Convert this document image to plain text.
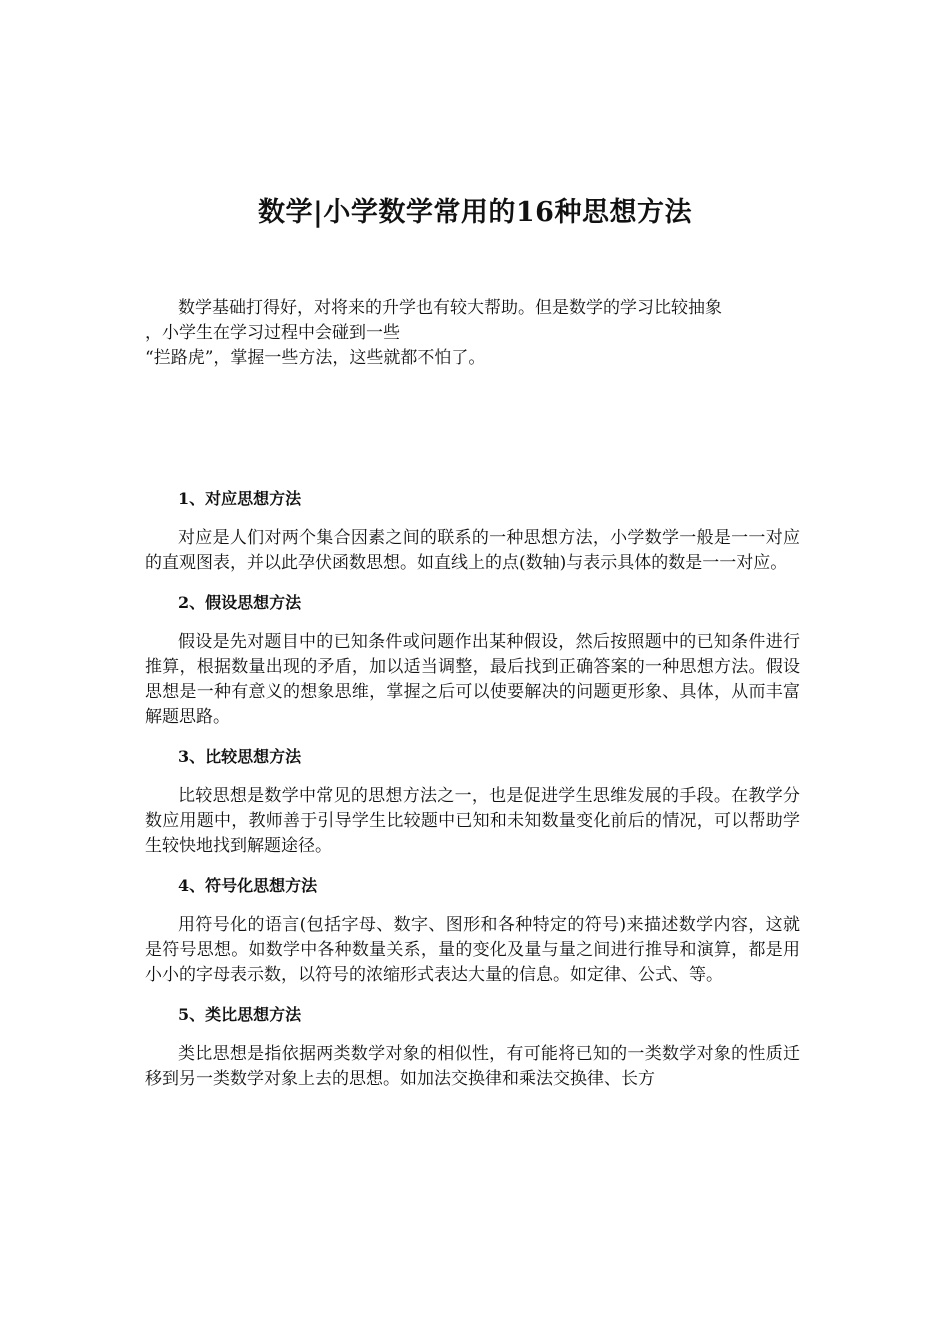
数学|小学数学常用的16种思想方法
数学基础打得好，对将来的升学也有较大帮助。但是数学的学习比较抽象
，小学生在学习过程中会碰到一些
“拦路虎”，掌握一些方法，这些就都不怕了。
1、对应思想方法

对应是人们对两个集合因素之间的联系的一种思想方法，小学数学一般是一一对应的直观图表，并以此孕伏函数思想。如直线上的点(数轴)与表示具体的数是一一对应。

2、假设思想方法

假设是先对题目中的已知条件或问题作出某种假设，然后按照题中的已知条件进行推算，根据数量出现的矛盾，加以适当调整，最后找到正确答案的一种思想方法。假设思想是一种有意义的想象思维，掌握之后可以使要解决的问题更形象、具体，从而丰富解题思路。

3、比较思想方法

比较思想是数学中常见的思想方法之一，也是促进学生思维发展的手段。在教学分数应用题中，教师善于引导学生比较题中已知和未知数量变化前后的情况，可以帮助学生较快地找到解题途径。

4、符号化思想方法

用符号化的语言(包括字母、数字、图形和各种特定的符号)来描述数学内容，这就是符号思想。如数学中各种数量关系，量的变化及量与量之间进行推导和演算，都是用小小的字母表示数，以符号的浓缩形式表达大量的信息。如定律、公式、等。

5、类比思想方法

类比思想是指依据两类数学对象的相似性，有可能将已知的一类数学对象的性质迁移到另一类数学对象上去的思想。如加法交换律和乘法交换律、长方
